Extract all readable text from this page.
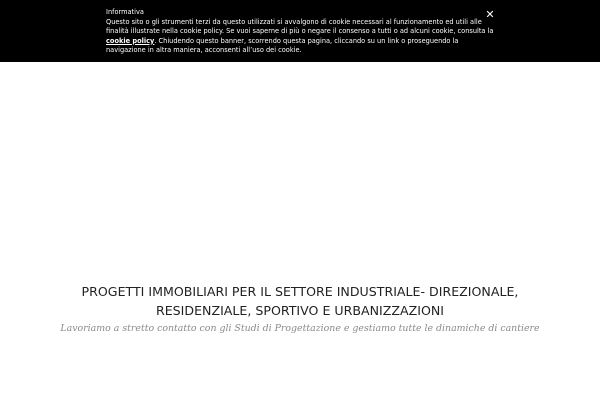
Informativa
Questo sito o gli strumenti terzi da questo utilizzati si avvalgono di cookie necessari al funzionamento ed utili alle finalità illustrate nella cookie policy. Se vuoi saperne di più o negare il consenso a tutti o ad alcuni cookie, consulta la cookie policy. Chiudendo questo banner, scorrendo questa pagina, cliccando su un link o proseguendo la navigazione in altra maniera, acconsenti all’uso dei cookie.
✕
PROGETTI IMMOBILIARI PER IL SETTORE INDUSTRIALE- DIREZIONALE, RESIDENZIALE, SPORTIVO E URBANIZZAZIONI

Lavoriamo a stretto contatto con gli Studi di Progettazione e gestiamo tutte le dinamiche di cantiere
